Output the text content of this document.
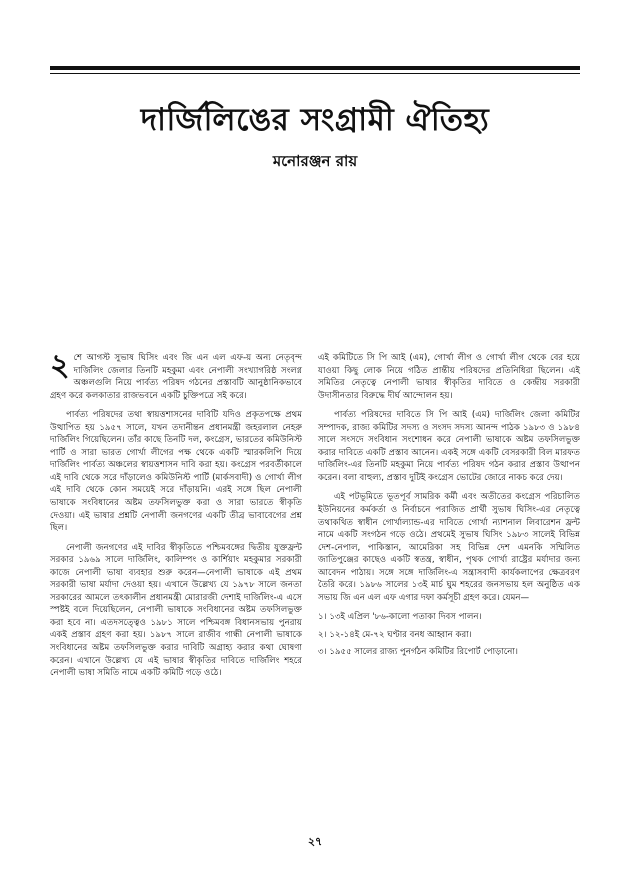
দার্জিলিঙের সংগ্রামী ঐতিহ্য
মনোরঞ্জন রায়

২ শে আগস্ট সুভাষ ঘিসিং এবং জি এন এল এফ-য় অন্য নেতৃবৃন্দ দার্জিলিং জেলার তিনটি মহকুমা এবং নেপালী সংখ্যাগরিষ্ঠ সংলগ্ন অঞ্চলগুলি নিয়ে পার্বত্য পরিষদ গঠনের প্রস্তাবটি আনুষ্ঠানিকভাবে গ্রহণ করে কলকাতার রাজভবনে একটি চুক্তিপত্রে সই করে।

পার্বত্য পরিষদের তথা স্বায়ত্তশাসনের দাবিটি যদিও প্রকৃতপক্ষে প্রথম উত্থাপিত হয় ১৯৫৭ সালে, যখন তদানীন্তন প্রধানমন্ত্রী জহরলাল নেহরু দার্জিলিং গিয়েছিলেন। তাঁর কাছে তিনটি দল, কংগ্রেস, ভারতের কমিউনিস্ট পার্টি ও সারা ভারত গোর্খা লীগের পক্ষ থেকে একটি স্মারকলিপি দিয়ে দার্জিলিং পার্বত্য অঞ্চলের স্বায়ত্তশাসন দাবি করা হয়। কংগ্রেস পরবর্তীকালে এই দাবি থেকে সরে দাঁড়ালেও কমিউনিস্ট পার্টি (মার্কসবাদী) ও গোর্খা লীগ এই দাবি থেকে কোন সময়েই সরে দাঁড়ায়নি। এরই সঙ্গে ছিল নেপালী ভাষাকে সংবিধানের অষ্টম তফসিলভুক্ত করা ও সারা ভারতে স্বীকৃতি দেওয়া। এই ভাষার প্রশ্নটি নেপালী জনগণের একটি তীব্র ভাবাবেগের প্রশ্ন ছিল।

নেপালী জনগণের এই দাবির স্বীকৃতিতে পশ্চিমবঙ্গের দ্বিতীয় যুক্তফ্রন্ট সরকার ১৯৬৯ সালে দার্জিলিং, কালিম্পং ও কার্শিয়াং মহকুমার সরকারী কাজে নেপালী ভাষা ব্যবহার শুরু করেন—নেপালী ভাষাকে এই প্রথম সরকারী ভাষা মর্যাদা দেওয়া হয়। এখানে উল্লেখ্য যে ১৯৭৮ সালে জনতা সরকারের আমলে তৎকালীন প্রধানমন্ত্রী মোরারজী দেশাই দার্জিলিং-এ এসে স্পষ্টই বলে দিয়েছিলেন, নেপালী ভাষাকে সংবিধানের অষ্টম তফসিলভুক্ত করা হবে না। এতদসত্ত্বেও ১৯৮১ সালে পশ্চিমবঙ্গ বিধানসভায় পুনরায় একই প্রস্তাব গ্রহণ করা হয়। ১৯৮৭ সালে রাজীব গান্ধী নেপালী ভাষাকে সংবিধানের অষ্টম তফসিলভুক্ত করার দাবিটি অগ্রাহ্য করার কথা ঘোষণা করেন। এখানে উল্লেখ্য যে এই ভাষার স্বীকৃতির দাবিতে দার্জিলিং শহরে নেপালী ভাষা সমিতি নামে একটি কমিটি গড়ে ওঠে।

এই কমিটিতে সি পি আই (এম), গোর্খা লীগ ও গোর্খা লীগ থেকে বের হয়ে যাওয়া কিছু লোক নিয়ে গঠিত প্রান্তীয় পরিষদের প্রতিনিধিরা ছিলেন। এই সমিতির নেতৃত্বে নেপালী ভাষার স্বীকৃতির দাবিতে ও কেন্দ্রীয় সরকারী উদাসীনতার বিরুদ্ধে দীর্ঘ আন্দোলন হয়।

পার্বত্য পরিষদের দাবিতে সি পি আই (এম) দার্জিলিং জেলা কমিটির সম্পাদক, রাজ্য কমিটির সদস্য ও সংসদ সদস্য আনন্দ পাঠক ১৯৮৩ ও ১৯৮৪ সালে সংসদে সংবিধান সংশোধন করে নেপালী ভাষাকে অষ্টম তফসিলভুক্ত করার দাবিতে একটি প্রস্তাব আনেন। একই সঙ্গে একটি বেসরকারী বিল মারফত দার্জিলিং-এর তিনটি মহকুমা নিয়ে পার্বত্য পরিষদ গঠন করার প্রস্তাব উত্থাপন করেন। বলা বাহুল্য, প্রস্তাব দুটিই কংগ্রেস ভোটের জোরে নাকচ করে দেয়।

এই পটভূমিতে ভূতপূর্ব সামরিক কর্মী এবং অতীতের কংগ্রেস পরিচালিত ইউনিয়নের কর্মকর্তা ও নির্বাচনে পরাজিত প্রার্থী সুভাষ ঘিসিং-এর নেতৃত্বে তথাকথিত স্বাধীন গোর্খাল্যান্ড-এর দাবিতে গোর্খা ন্যাশনাল লিবারেশন ফ্রন্ট নামে একটি সংগঠন গড়ে ওঠে। প্রথমেই সুভাষ ঘিসিং ১৯৮৩ সালেই বিভিন্ন দেশ-নেপাল, পাকিস্তান, আমেরিকা সহ বিভিন্ন দেশ এমনকি সম্মিলিত জাতিপুঞ্জের কাছেও একটি স্বতন্ত্র, স্বাধীন, পৃথক গোর্খা রাষ্ট্রের মর্যাদার জন্য আবেদন পাঠায়। সঙ্গে সঙ্গে দার্জিলিং-এ সন্ত্রাসবাদী কার্যকলাপের ক্ষেত্রবরণ তৈরি করে। ১৯৮৬ সালের ১৩ই মার্চ ঘুম শহরের জনসভায় হল অনুষ্ঠিত এক সভায় জি এন এল এফ এগার দফা কর্মসূচী গ্রহণ করে। যেমন—

১। ১৩ই এপ্রিল '৮৬-কালো পতাকা দিবস পালন।
২। ১২-১৪ই মে-৭২ ঘণ্টার বনধ আহ্বান করা।
৩। ১৯৫৫ সালের রাজ্য পুনর্গঠন কমিটির রিপোর্ট পোড়ানো।
২৭
